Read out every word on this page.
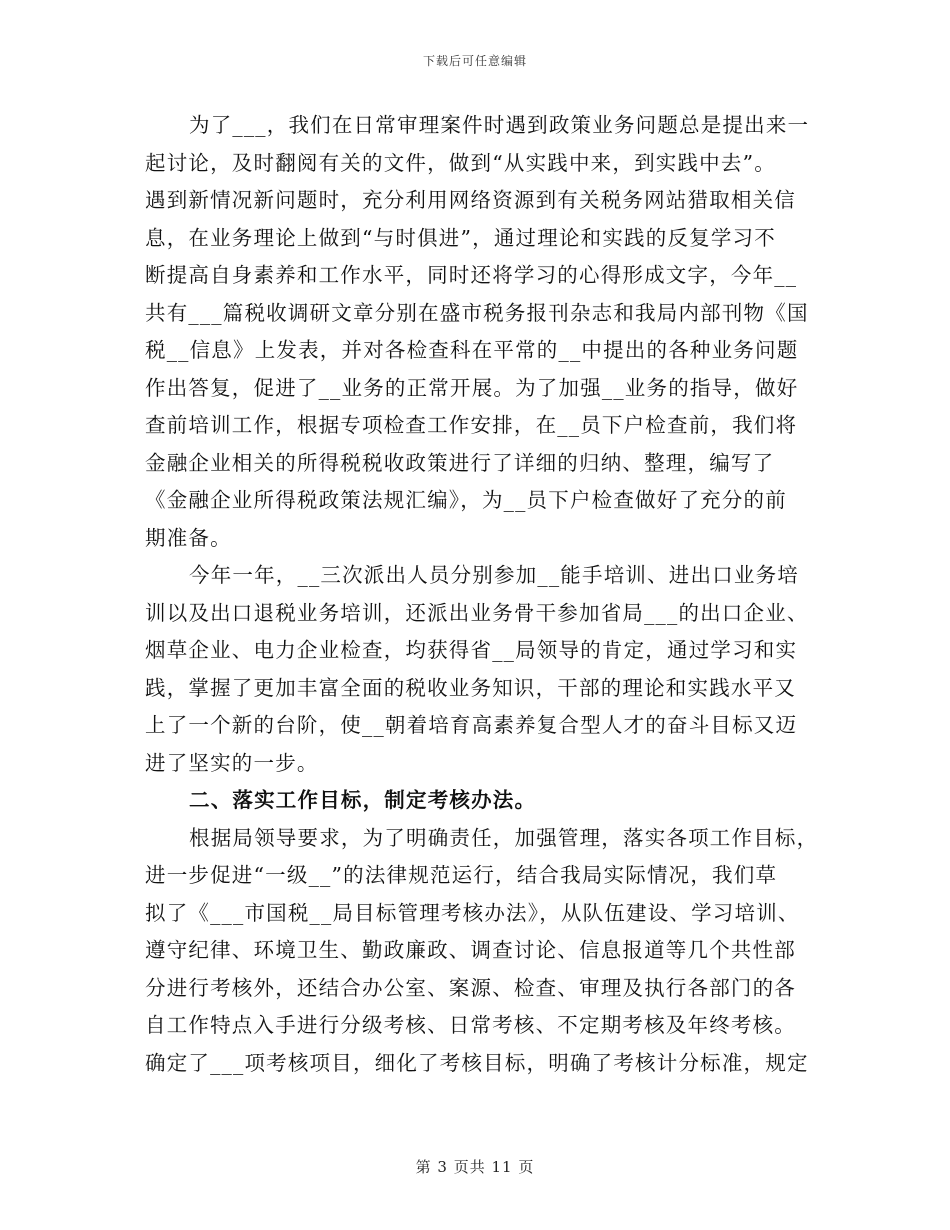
下载后可任意编辑

为了___，我们在日常审理案件时遇到政策业务问题总是提出来一
起讨论，及时翻阅有关的文件，做到“从实践中来，到实践中去”。
遇到新情况新问题时，充分利用网络资源到有关税务网站猎取相关信
息，在业务理论上做到“与时俱进”，通过理论和实践的反复学习不
断提高自身素养和工作水平，同时还将学习的心得形成文字，今年__
共有___篇税收调研文章分别在盛市税务报刊杂志和我局内部刊物《国
税__信息》上发表，并对各检查科在平常的__中提出的各种业务问题
作出答复，促进了__业务的正常开展。为了加强__业务的指导，做好
查前培训工作，根据专项检查工作安排，在__员下户检查前，我们将
金融企业相关的所得税税收政策进行了详细的归纳、整理，编写了
《金融企业所得税政策法规汇编》，为__员下户检查做好了充分的前
期准备。

今年一年，__三次派出人员分别参加__能手培训、进出口业务培
训以及出口退税业务培训，还派出业务骨干参加省局___的出口企业、
烟草企业、电力企业检查，均获得省__局领导的肯定，通过学习和实
践，掌握了更加丰富全面的税收业务知识，干部的理论和实践水平又
上了一个新的台阶，使__朝着培育高素养复合型人才的奋斗目标又迈
进了坚实的一步。

二、落实工作目标，制定考核办法。

根据局领导要求，为了明确责任，加强管理，落实各项工作目标，
进一步促进“一级__”的法律规范运行，结合我局实际情况，我们草
拟了《___市国税__局目标管理考核办法》，从队伍建设、学习培训、
遵守纪律、环境卫生、勤政廉政、调查讨论、信息报道等几个共性部
分进行考核外，还结合办公室、案源、检查、审理及执行各部门的各
自工作特点入手进行分级考核、日常考核、不定期考核及年终考核。
确定了___项考核项目，细化了考核目标，明确了考核计分标准，规定

第 3 页共 11 页
